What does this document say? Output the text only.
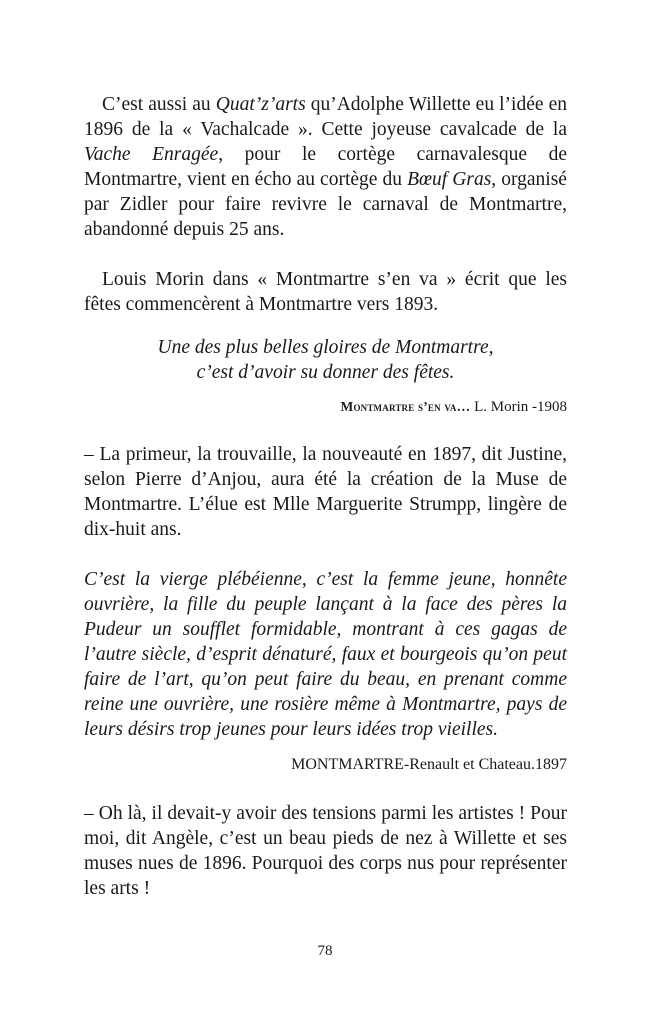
C’est aussi au Quat’z’arts qu’Adolphe Willette eu l’idée en 1896 de la « Vachalcade ». Cette joyeuse cavalcade de la Vache Enragée, pour le cortège carnavalesque de Montmartre, vient en écho au cortège du Bœuf Gras, organisé par Zidler pour faire revivre le carnaval de Montmartre, abandonné depuis 25 ans.

Louis Morin dans « Montmartre s’en va » écrit que les fêtes commencèrent à Montmartre vers 1893.

Une des plus belles gloires de Montmartre,

c’est d’avoir su donner des fêtes.

Montmartre s’en va… L. Morin -1908

– La primeur, la trouvaille, la nouveauté en 1897, dit Justine, selon Pierre d’Anjou, aura été la création de la Muse de Montmartre. L’élue est Mlle Marguerite Strumpp, lingère de dix-huit ans.

C’est la vierge plébéienne, c’est la femme jeune, honnête ouvrière, la fille du peuple lançant à la face des pères la Pudeur un soufflet formidable, montrant à ces gagas de l’autre siècle, d’esprit dénaturé, faux et bourgeois qu’on peut faire de l’art, qu’on peut faire du beau, en prenant comme reine une ouvrière, une rosière même à Montmartre, pays de leurs désirs trop jeunes pour leurs idées trop vieilles.

MONTMARTRE-Renault et Chateau.1897

– Oh là, il devait-y avoir des tensions parmi les artistes ! Pour moi, dit Angèle, c’est un beau pieds de nez à Willette et ses muses nues de 1896. Pourquoi des corps nus pour représenter les arts !

78
